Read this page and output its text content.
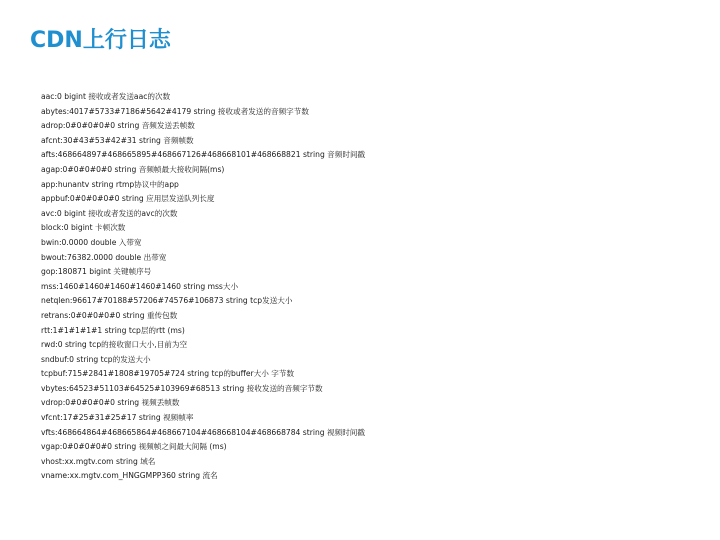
CDN上行日志
aac:0 bigint 接收或者发送aac的次数
abytes:4017#5733#7186#5642#4179 string 接收或者发送的音频字节数
adrop:0#0#0#0#0 string 音频发送丢帧数
afcnt:30#43#53#42#31 string 音频帧数
afts:468664897#468665895#468667126#468668101#468668821 string 音频时间戳
agap:0#0#0#0#0 string 音频帧最大接收间隔(ms)
app:hunantv string rtmp协议中的app
appbuf:0#0#0#0#0 string 应用层发送队列长度
avc:0 bigint 接收或者发送的avc的次数
block:0 bigint 卡顿次数
bwin:0.0000 double 入带宽
bwout:76382.0000 double 出带宽
gop:180871 bigint 关键帧序号
mss:1460#1460#1460#1460#1460 string mss大小
netqlen:96617#70188#57206#74576#106873 string tcp发送大小
retrans:0#0#0#0#0 string 重传包数
rtt:1#1#1#1#1 string tcp层的rtt (ms)
rwd:0 string tcp的接收窗口大小,目前为空
sndbuf:0 string tcp的发送大小
tcpbuf:715#2841#1808#19705#724 string tcp的buffer大小 字节数
vbytes:64523#51103#64525#103969#68513 string 接收发送的音频字节数
vdrop:0#0#0#0#0 string 视频丢帧数
vfcnt:17#25#31#25#17 string 视频帧率
vfts:468664864#468665864#468667104#468668104#468668784 string 视频时间戳
vgap:0#0#0#0#0 string 视频帧之间最大间隔 (ms)
vhost:xx.mgtv.com string 域名
vname:xx.mgtv.com_HNGGMPP360 string 流名
